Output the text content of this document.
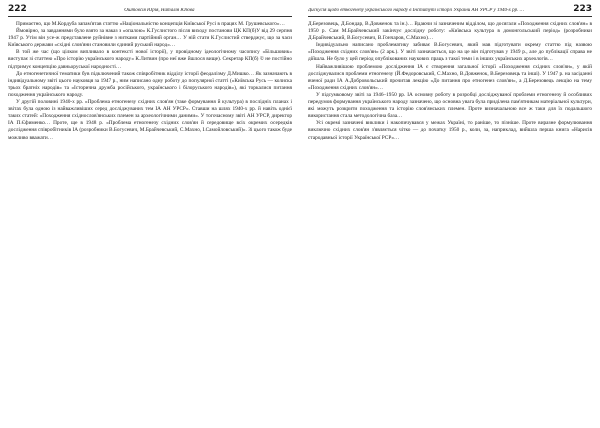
222	Оштовсiя Юрiя, Наталiя Юзова

Примаєтно, що М.Кордуба запам'ятав статтю «Національністю концепція Київської Русі в працях М. Грушевського»…

Ймовірно, за завданнями було взято за наказ з «опалою» К.Гуслистого після виходу постанови ЦК КП(б)У від 29 серпня 1947 р. Утім він усе-ж представлене руйнівне з нитками партійний орган… У ній стати К.Гуслистий стверджує, що за часи Київського держави «східні слов'яни становили єдиний руський народ»…

В той же час (що цілком випливало в контексті нової історії), у провідному ідеологічному часопису «Більшовик» виступає зі статтею «Про історію українського народу» К.Литвин (про неї вже йшлося вище). Секретар КП(б) © не постійно підтримує концепцію давньоруської народності…

До етногенетичної тематики був підключений також співробітник відділу історії феодалізму Д.Мишко… Як зазначають в індивідуальному звіті цього науковця за 1947 р., ним написано одну роботу до популярної статті («Київська Русь — колиска трьох братніх народів» та «Історична дружба російського, українського і білоруського народів»), які торкалися питання походження українського народу.

У другій половині 1940-х рр. «Проблема етногенезу східних слов'ян (таке формування й культура) в послідніх планах і звітах була одною із найважливіших серед досліджуваних тем ІА АН УРСР». Ставши на шлях 1940-х рр. й навіть однієї таких статей: «Походження східнослов'янських племен за археологічними даними». У тогочасному звіті АН УРСР, директор ІА П.Єфименко… Проте, ще в 1948 р. «Проблема етногенезу східних слов'ян й середовище всіх окремих осередків дослідження співробітників ІА (розробники В.Богусевич, М.Брайчевський, С.Махно, І.Самойловський)». Зі цього також буде можливо вважати…

Дискусія щодо етногенезу українського народу в Інституті історії України АН УРСР у 1940-х рр. …	223

Д.Березовець, Д.Бондар, В.Довженок та ін.)… Вдаючи зі зазначеним відділом, що досягали «Походження східних слов'ян» в 1950 р. Сам М.Брайчевський закінчує дослідну роботу: «Київська культура в домонгольський період» (розробники Д.Брайчевський, В.Богусевич, В.Гончаров, С.Махно)…

Індивідуально написано проблематику забиває В.Богусевич, який мав підготувати окрему статтю під назвою «Походження східних слов'ян» (2 арк.). У звіті зазначається, що на це він підготував у 1949 р., але до публікації справа не дійшла. Не було у цей період опублікованих наукових праць з такої теми і в інших українських археологів…

Найважливішою проблемою дослідження ІА є створення загальної історії «Походження східних слов'ян», у якій досліджувалися проблеми етногенезу (Й.Федоровський, С.Махно, В.Довженок, В.Березовець та інші). У 1947 р. на засіданні вченої ради ІА А.Добровольський прочитав лекцію «До питання про етногенез слов'ян», а Д.Березовець лекцію на тему «Походження східних слов'ян»…

У підсумковому звіті за 1946–1950 рр. ІА основну роботу в розробці досліджуваної проблеми етногенезу й особливих передумов формування українського народу зазначено, що основна увага була приділена пам'ятникам матеріальної культури, які можуть розкрити походження та історію слов'янських племен. Проте визначальною все ж таки для їх подальшого використання стала методологічна база…

Усі окремі зазначені виклики і накопичувався у межах Україні, то раніше, то пізніше. Проте виразне формулювання виключно східних слов'ян з'являється чітко — до початку 1950 р., коли, за, наприклад, вийшла перша книга «Нарисів стародавньої історії Української РСР»…
